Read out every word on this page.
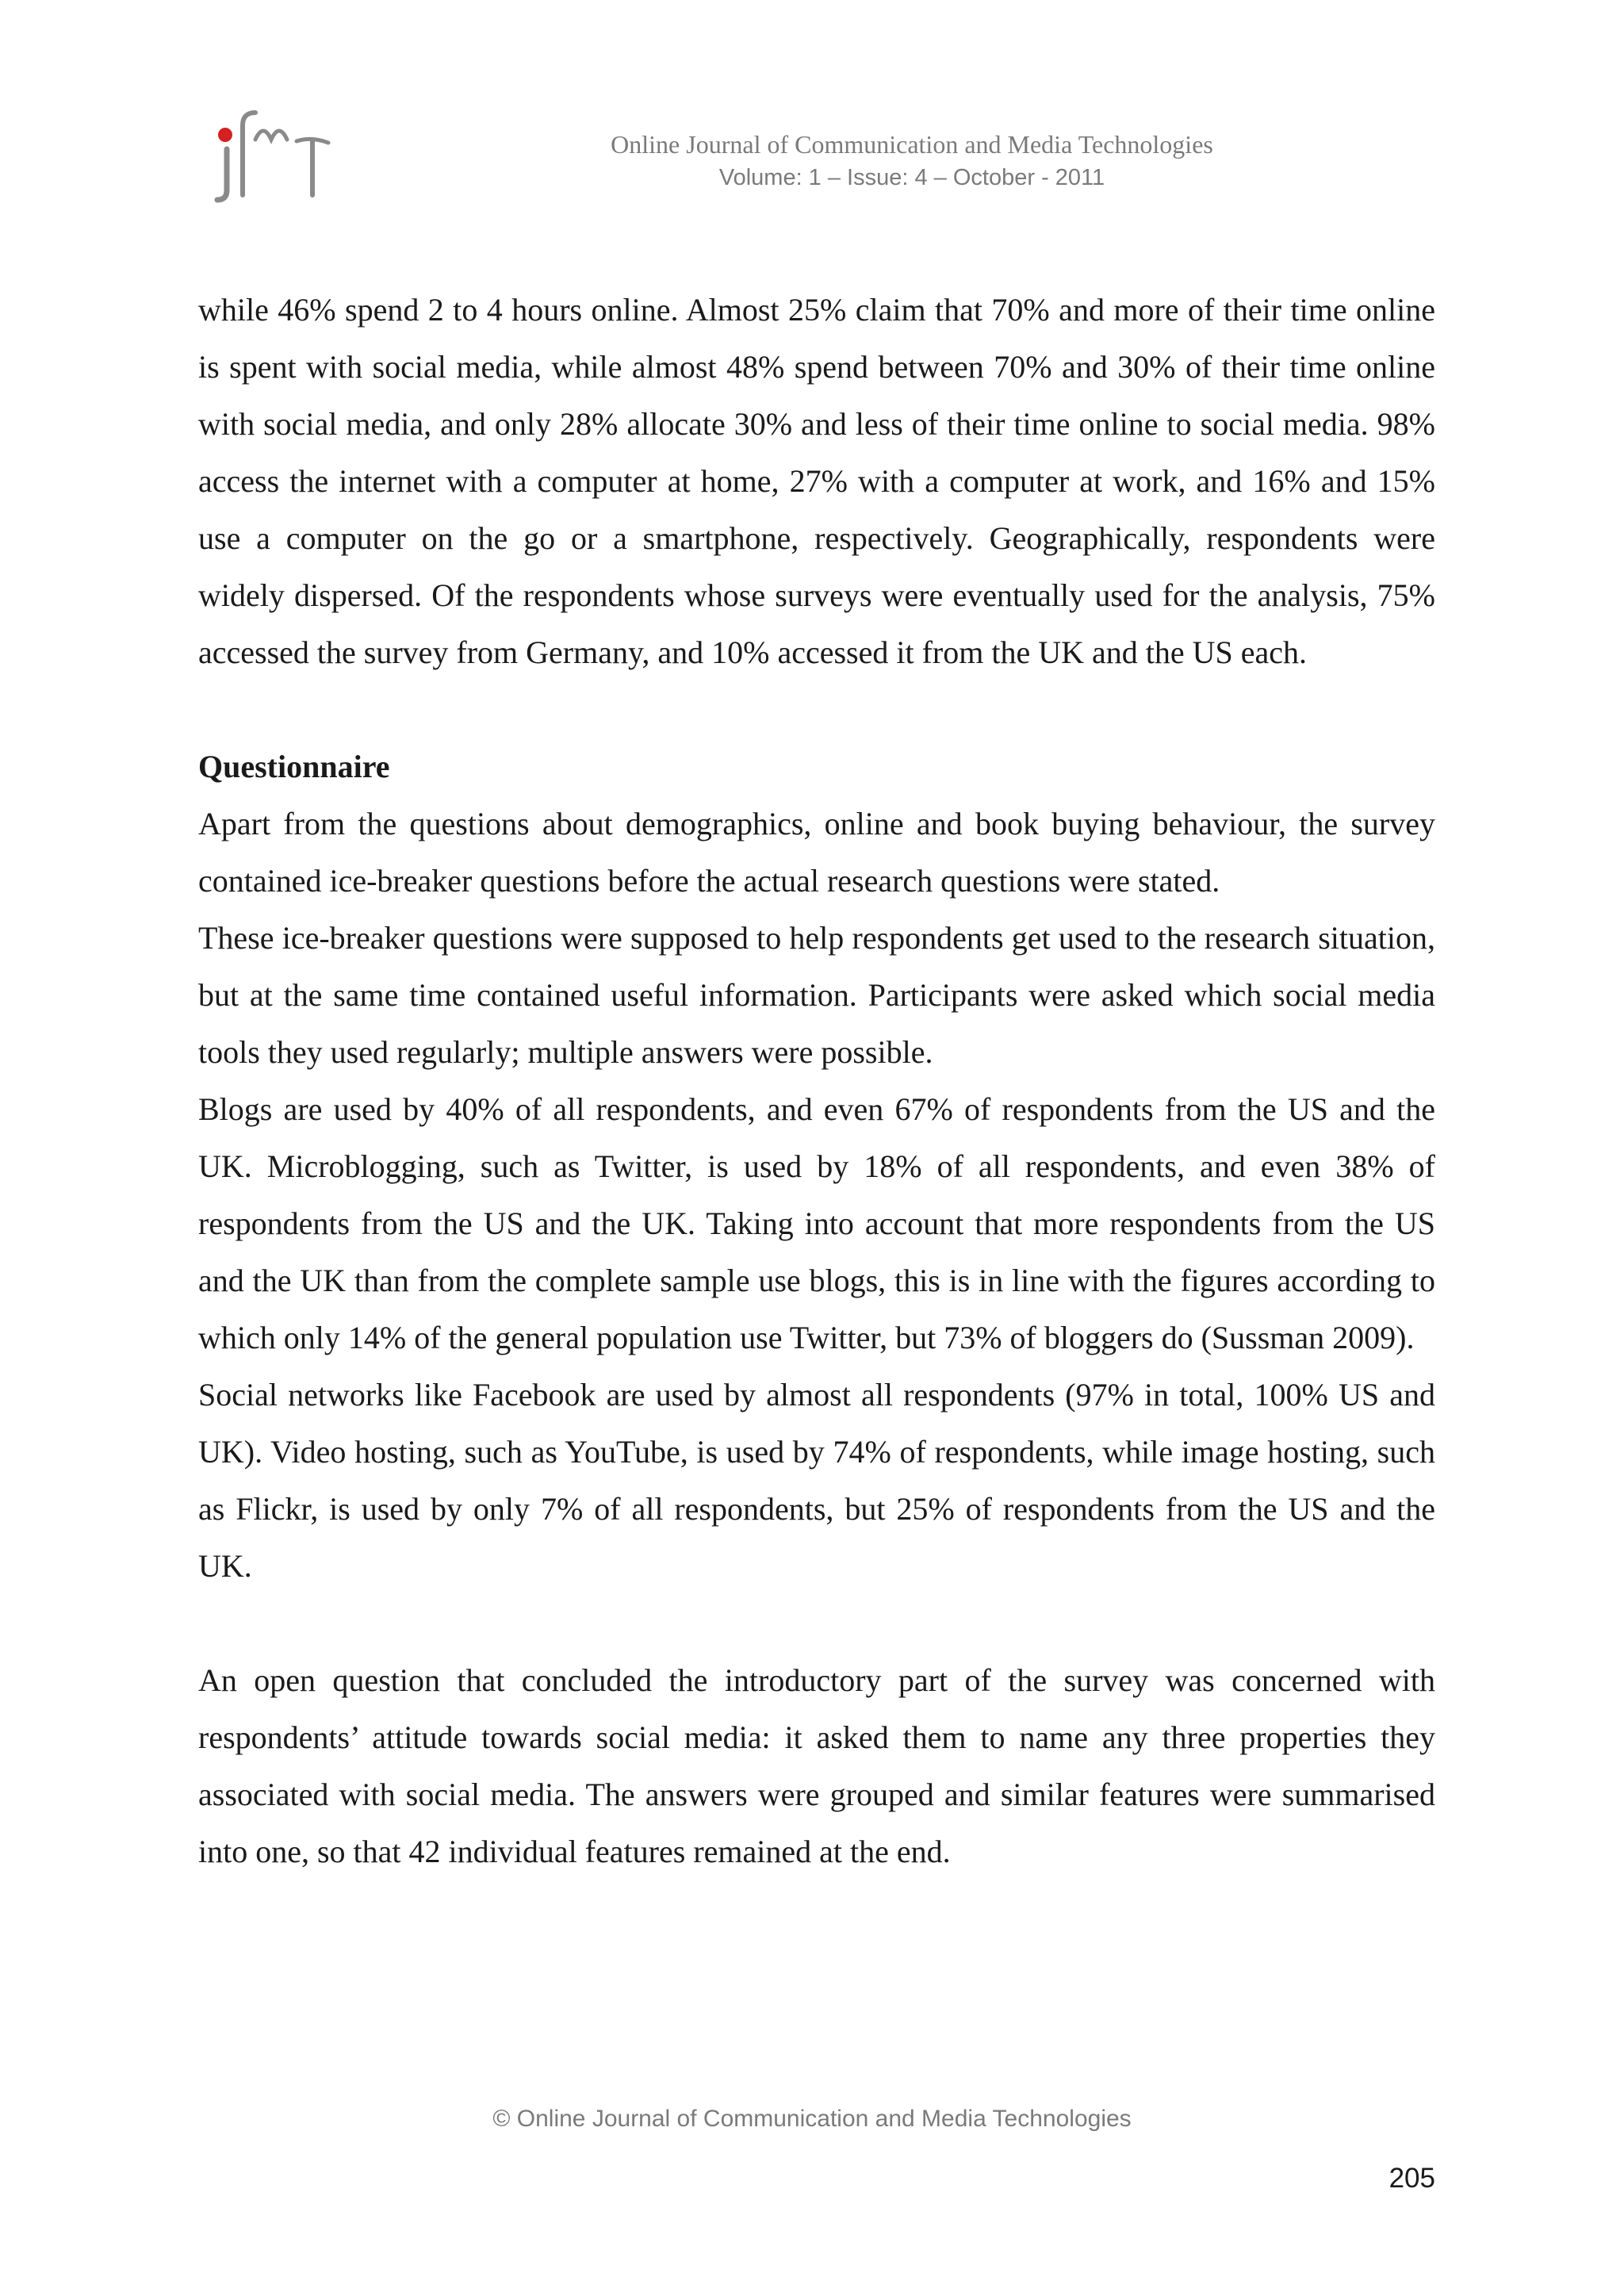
Online Journal of Communication and Media Technologies
Volume: 1 – Issue: 4 – October - 2011

while 46% spend 2 to 4 hours online. Almost 25% claim that 70% and more of their time online is spent with social media, while almost 48% spend between 70% and 30% of their time online with social media, and only 28% allocate 30% and less of their time online to social media. 98% access the internet with a computer at home, 27% with a computer at work, and 16% and 15% use a computer on the go or a smartphone, respectively. Geographically, respondents were widely dispersed. Of the respondents whose surveys were eventually used for the analysis, 75% accessed the survey from Germany, and 10% accessed it from the UK and the US each.

Questionnaire

Apart from the questions about demographics, online and book buying behaviour, the survey contained ice-breaker questions before the actual research questions were stated.

These ice-breaker questions were supposed to help respondents get used to the research situation, but at the same time contained useful information. Participants were asked which social media tools they used regularly; multiple answers were possible.

Blogs are used by 40% of all respondents, and even 67% of respondents from the US and the UK. Microblogging, such as Twitter, is used by 18% of all respondents, and even 38% of respondents from the US and the UK. Taking into account that more respondents from the US and the UK than from the complete sample use blogs, this is in line with the figures according to which only 14% of the general population use Twitter, but 73% of bloggers do (Sussman 2009).

Social networks like Facebook are used by almost all respondents (97% in total, 100% US and UK). Video hosting, such as YouTube, is used by 74% of respondents, while image hosting, such as Flickr, is used by only 7% of all respondents, but 25% of respondents from the US and the UK.

An open question that concluded the introductory part of the survey was concerned with respondents’ attitude towards social media: it asked them to name any three properties they associated with social media. The answers were grouped and similar features were summarised into one, so that 42 individual features remained at the end.

© Online Journal of Communication and Media Technologies
205
